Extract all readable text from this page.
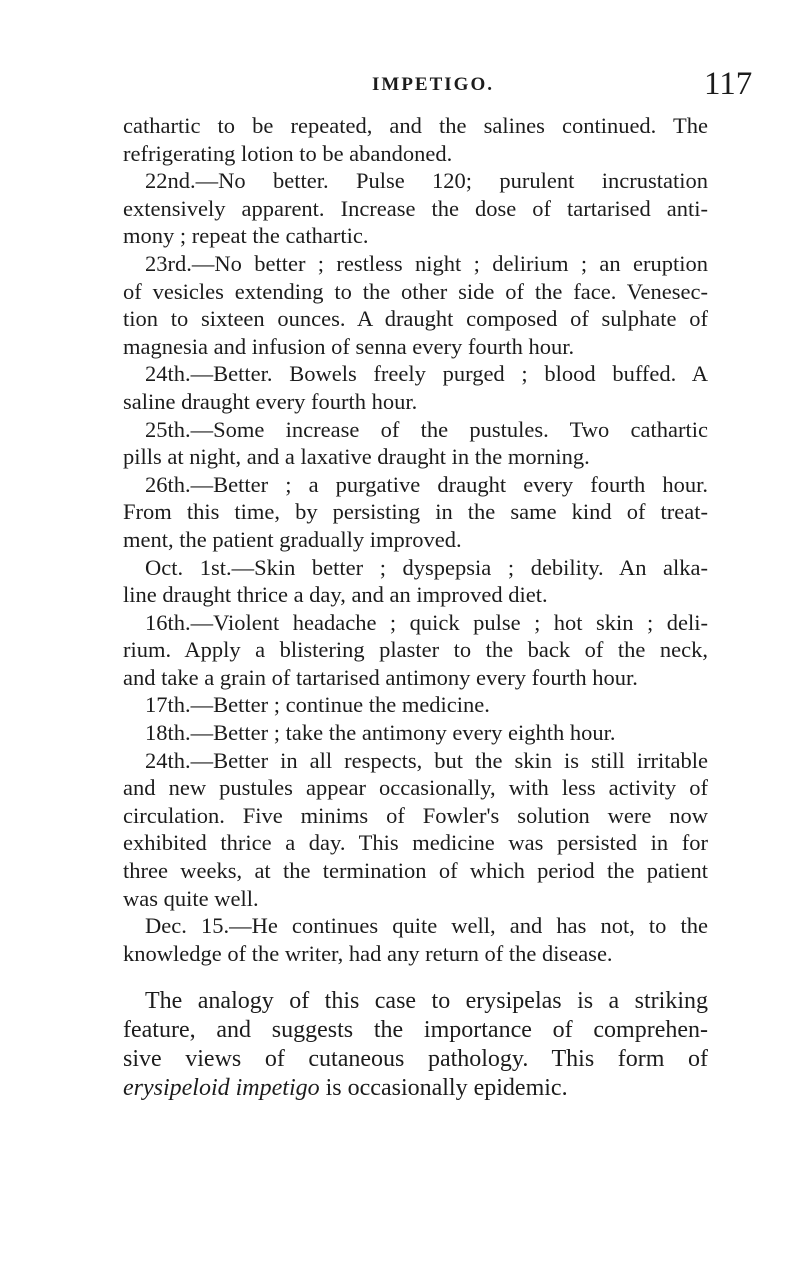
IMPETIGO.	117
cathartic to be repeated, and the salines continued. The
refrigerating lotion to be abandoned.
22nd.—No better. Pulse 120; purulent incrustation
extensively apparent. Increase the dose of tartarised anti-
mony ; repeat the cathartic.
23rd.—No better ; restless night ; delirium ; an eruption
of vesicles extending to the other side of the face. Venesec-
tion to sixteen ounces. A draught composed of sulphate of
magnesia and infusion of senna every fourth hour.
24th.—Better. Bowels freely purged ; blood buffed. A
saline draught every fourth hour.
25th.—Some increase of the pustules. Two cathartic
pills at night, and a laxative draught in the morning.
26th.—Better ; a purgative draught every fourth hour.
From this time, by persisting in the same kind of treat-
ment, the patient gradually improved.
Oct. 1st.—Skin better ; dyspepsia ; debility. An alka-
line draught thrice a day, and an improved diet.
16th.—Violent headache ; quick pulse ; hot skin ; deli-
rium. Apply a blistering plaster to the back of the neck,
and take a grain of tartarised antimony every fourth hour.
17th.—Better ; continue the medicine.
18th.—Better ; take the antimony every eighth hour.
24th.—Better in all respects, but the skin is still irritable
and new pustules appear occasionally, with less activity of
circulation. Five minims of Fowler's solution were now
exhibited thrice a day. This medicine was persisted in for
three weeks, at the termination of which period the patient
was quite well.
Dec. 15.—He continues quite well, and has not, to the
knowledge of the writer, had any return of the disease.
The analogy of this case to erysipelas is a striking
feature, and suggests the importance of comprehen-
sive views of cutaneous pathology. This form of
erysipeloid impetigo is occasionally epidemic.
